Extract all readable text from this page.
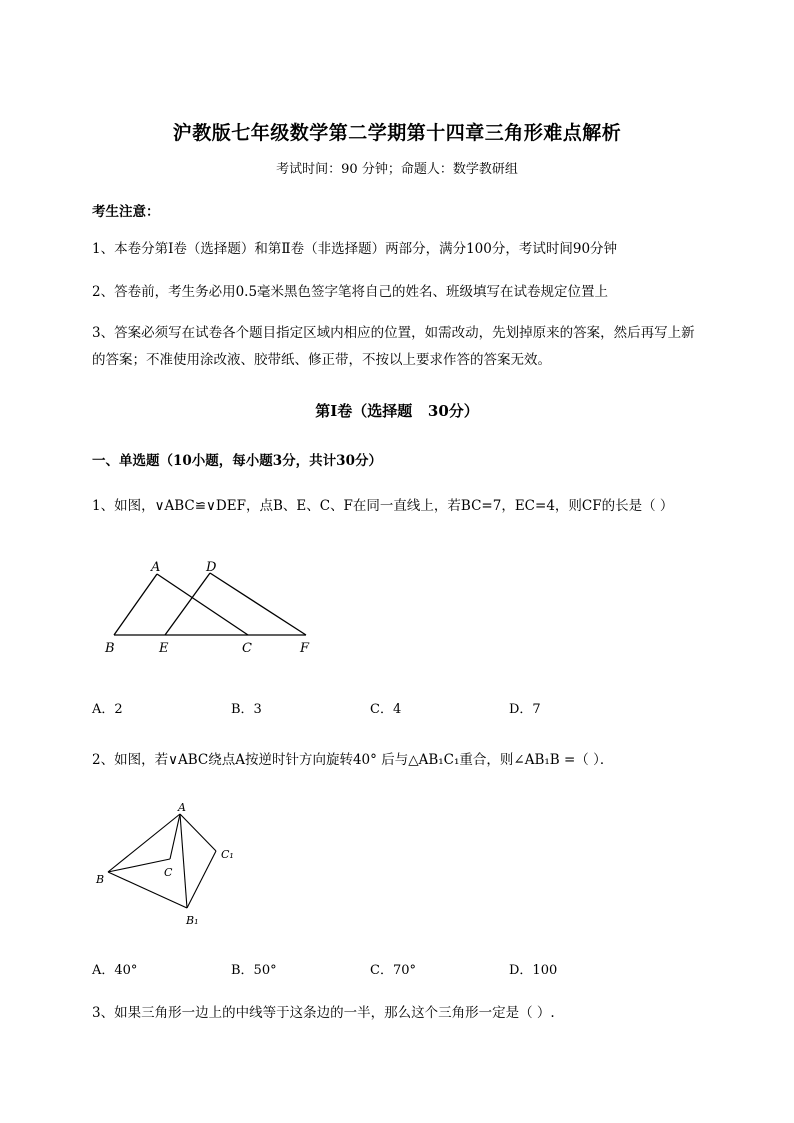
沪教版七年级数学第二学期第十四章三角形难点解析
考试时间：90 分钟；命题人：数学教研组
考生注意：
1、本卷分第Ⅰ卷（选择题）和第Ⅱ卷（非选择题）两部分，满分100分，考试时间90分钟
2、答卷前，考生务必用0.5毫米黑色签字笔将自己的姓名、班级填写在试卷规定位置上
3、答案必须写在试卷各个题目指定区域内相应的位置，如需改动，先划掉原来的答案，然后再写上新
的答案；不准使用涂改液、胶带纸、修正带，不按以上要求作答的答案无效。
第Ⅰ卷（选择题   30分）
一、单选题（10小题，每小题3分，共计30分）
1、如图，∨ABC≌∨DEF，点B、E、C、F在同一直线上，若BC=7，EC=4，则CF的长是（ ）
A	D
B	E	C	F
A．2	B．3	C．4	D．7
2、如图，若∨ABC绕点A按逆时针方向旋转40° 后与△AB₁C₁重合，则∠AB₁B =（ ）．
A
C₁
B
C
B₁
A．40°	B．50°	C．70°	D．100
3、如果三角形一边上的中线等于这条边的一半，那么这个三角形一定是（ ）.
